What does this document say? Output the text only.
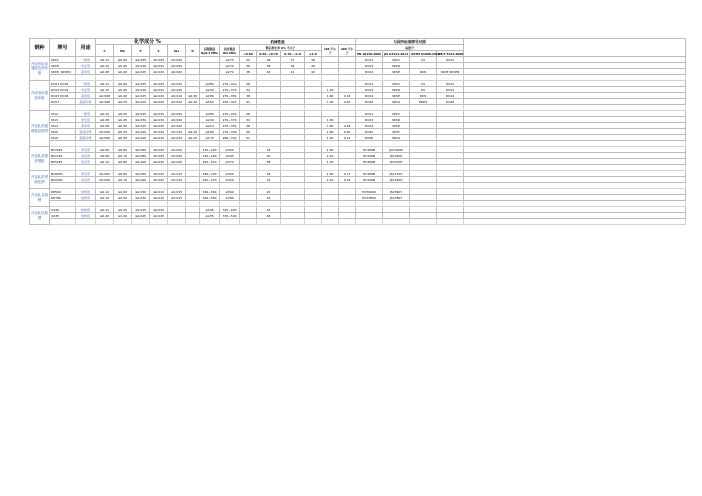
钢种	牌号	用途	化学成分 %						机械性能								与国外标准牌号对照				
			C	Mn	P	S	ALs	Ti	屈服强度 Rp0.2 MPa	抗拉强度 Rm MPa	断后伸长率 A% 不小于				r90 不小于	n90 不小于	标准号				
											<0.50	0.50~<0.70	0.70~<1.0	≥1.0			EN 10130-2006	JIS G3141-2011	ASTM A1008-2012	GB/T 5213-2008	
冷成形用普通级及深冲级	SPCC	一般用	≤0.12	≤0.60	≤0.035	≤0.025	≥0.020			≥270	34	36	37	38			DC01	SPCC	CS	DC01	
	SPCD	冲压用	≤0.10	≤0.45	≤0.030	≤0.025	≥0.020			≥270	36	38	39	40			DC03	SPCD			
	SPCE, SPCEN	深冲用	≤0.08	≤0.40	≤0.025	≤0.020	≥0.020			≥270	38	40	41	42			DC04	SPCE	DDS	SPCE SPCEN	

冷成形用超深冲级	DC01 DC02	一般用	≤0.12	≤0.60	≤0.035	≤0.025	≥0.020		≤280	270~410	28						DC01	SPCC	CS	DC01	
	DC03 DC04	冲压用	≤0.10	≤0.45	≤0.030	≤0.025	≥0.020		≤240	270~370	34				1.30		DC03	SPCD	DS	DC03	
	DC05 DC06	深冲用	≤0.008	≤0.40	≤0.025	≤0.020	≥0.010	≤0.30	≤180	270~350	38				1.60	0.18	DC04	SPCE	DDS	DC04	
	DC07	超深冲用	≤0.008	≤0.35	≤0.020	≤0.020	≥0.010	≤0.20	≤150	250~310	41				1.90	0.20	DC06	SPCG	EDDS	DC06	

冷连轧低碳钢板及钢带	St12	一般用	≤0.10	≤0.50	≤0.035	≤0.035	≥0.020		≤280	270~410	28						DC01	SPCC			
	St13	冲压用	≤0.08	≤0.45	≤0.030	≤0.030	≥0.020		≤240	270~370	34				1.30		DC03	SPCD			
	St14	深冲用	≤0.08	≤0.40	≤0.025	≤0.025	≥0.020		≤210	270~350	38				1.60	0.18	DC04	SPCE			
	St15	特深冲用	≤0.006	≤0.35	≤0.020	≤0.020	≥0.010	≤0.20	≤180	270~330	40				1.80	0.20	DC05	SPCF			
	St16	超深冲用	≤0.006	≤0.30	≤0.020	≤0.020	≥0.010	≤0.20	≤170	260~330	41				1.90	0.21	DC06	SPCG			

冷连轧高强度钢板	B170P1	冲压用	≤0.06	≤0.60	≤0.080	≤0.025	≥0.020		170~220	≥300		32			1.60		HC180B	JSC340W			
	B210P1	冲压用	≤0.08	≤0.70	≤0.080	≤0.025	≥0.020		210~260	≥340		30			1.50		HC220B	JSC340P			
	B250P1	冲压用	≤0.10	≤0.80	≤0.100	≤0.025	≥0.020		250~310	≥370		28			1.30		HC260B	JSC370P			

冷连轧烘烤硬化钢	B180H1	冲压用	≤0.005	≤0.60	≤0.050	≤0.020	≥0.015		180~230	≥300		34			1.60	0.17	HC180B	JSC270H			
	B220H1	冲压用	≤0.006	≤0.70	≤0.060	≤0.020	≥0.015		220~270	≥320		32			1.50	0.16	HC220B	JSC340H			

冷连轧双相钢	DP590	结构用	≤0.12	≤2.00	≤0.030	≤0.010	≥0.015		340~500	≥590		20					HCT600X	JSC590Y			
	DP780	结构用	≤0.15	≤2.50	≤0.030	≤0.010	≥0.015		420~550	≥780		14					HCT780X	JSC780Y			

冷连轧结构钢	Q195	结构用	≤0.12	≤0.50	≤0.035	≤0.035			≥195	315~430		33									
	Q235	结构用	≤0.20	≤1.40	≤0.045	≤0.045			≥235	370~500		26									
